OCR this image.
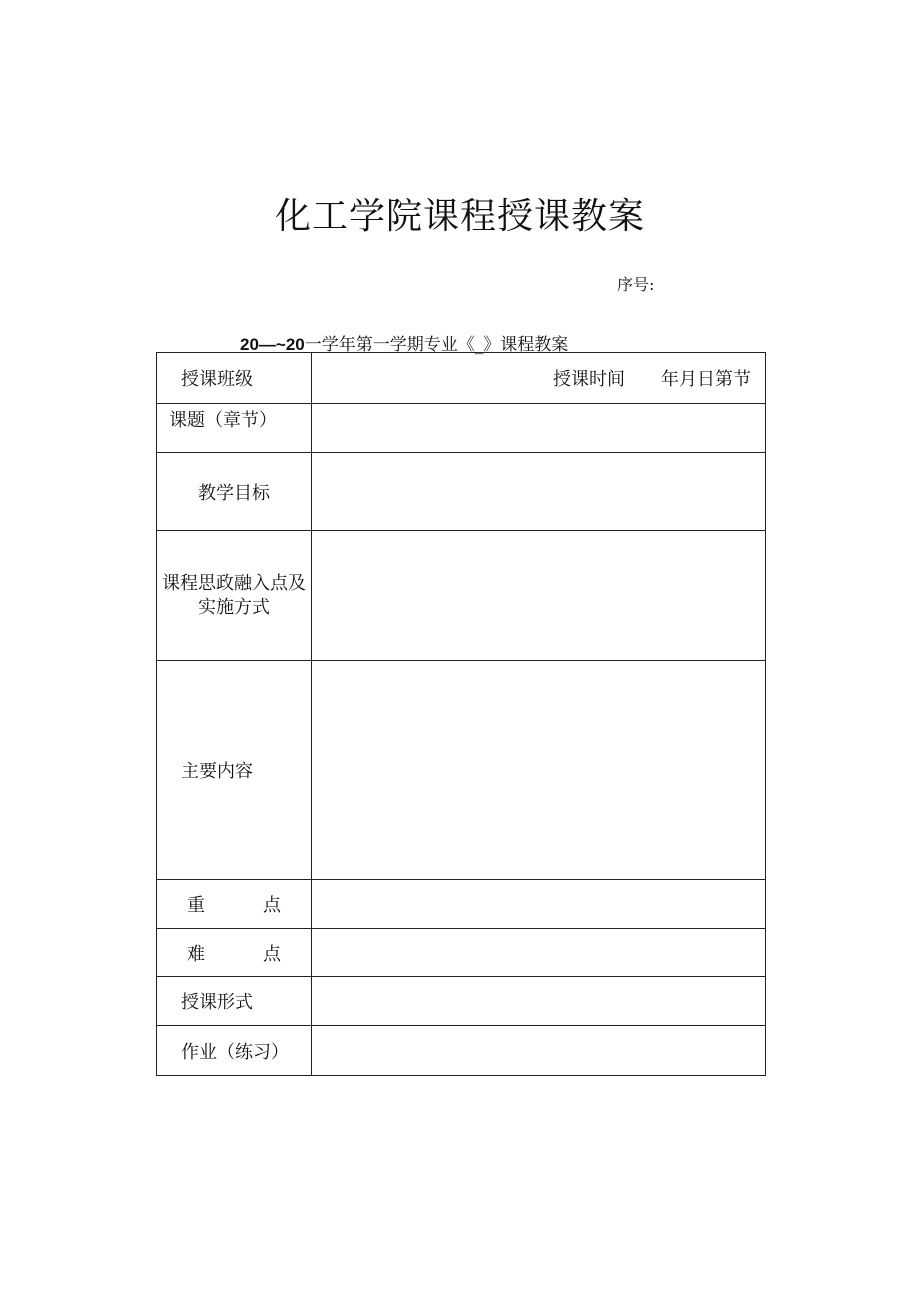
化工学院课程授课教案
序号:
20—~20一学年第一学期专业《_》课程教案
授课班级	授课时间 年月日第节
课题（章节）	
教学目标	

课程思政融入点及
实施方式	

主要内容	

重 点	

难 点	

授课形式	
作业（练习）	
